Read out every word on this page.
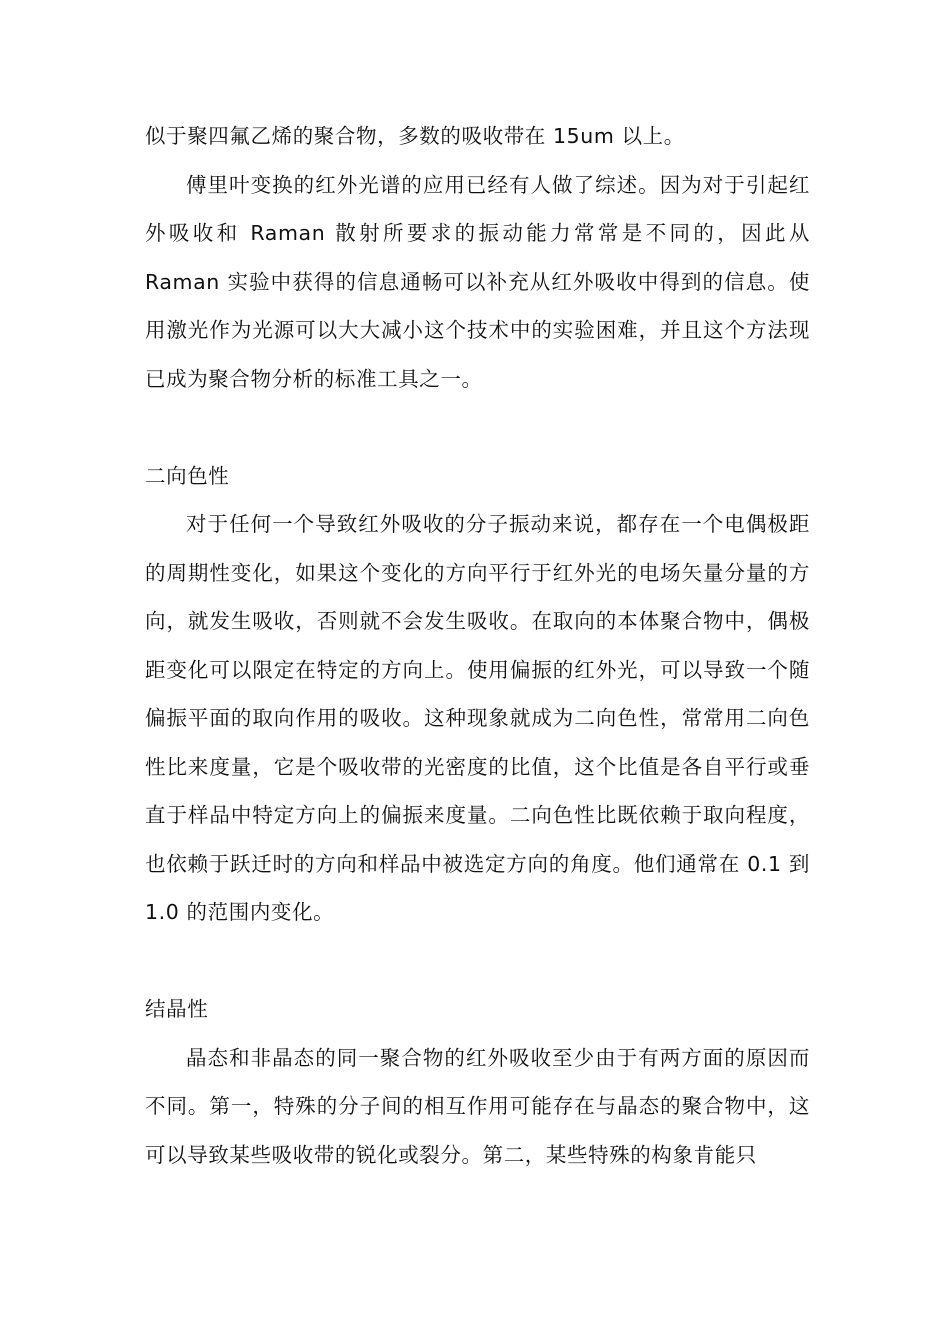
似于聚四氟乙烯的聚合物，多数的吸收带在 15um 以上。

傅里叶变换的红外光谱的应用已经有人做了综述。因为对于引起红外吸收和 Raman 散射所要求的振动能力常常是不同的，因此从 Raman 实验中获得的信息通畅可以补充从红外吸收中得到的信息。使用激光作为光源可以大大减小这个技术中的实验困难，并且这个方法现已成为聚合物分析的标准工具之一。

二向色性

对于任何一个导致红外吸收的分子振动来说，都存在一个电偶极距的周期性变化，如果这个变化的方向平行于红外光的电场矢量分量的方向，就发生吸收，否则就不会发生吸收。在取向的本体聚合物中，偶极距变化可以限定在特定的方向上。使用偏振的红外光，可以导致一个随偏振平面的取向作用的吸收。这种现象就成为二向色性，常常用二向色性比来度量，它是个吸收带的光密度的比值，这个比值是各自平行或垂直于样品中特定方向上的偏振来度量。二向色性比既依赖于取向程度，也依赖于跃迁时的方向和样品中被选定方向的角度。他们通常在 0.1 到 1.0 的范围内变化。

结晶性

晶态和非晶态的同一聚合物的红外吸收至少由于有两方面的原因而不同。第一，特殊的分子间的相互作用可能存在与晶态的聚合物中，这可以导致某些吸收带的锐化或裂分。第二，某些特殊的构象肯能只
